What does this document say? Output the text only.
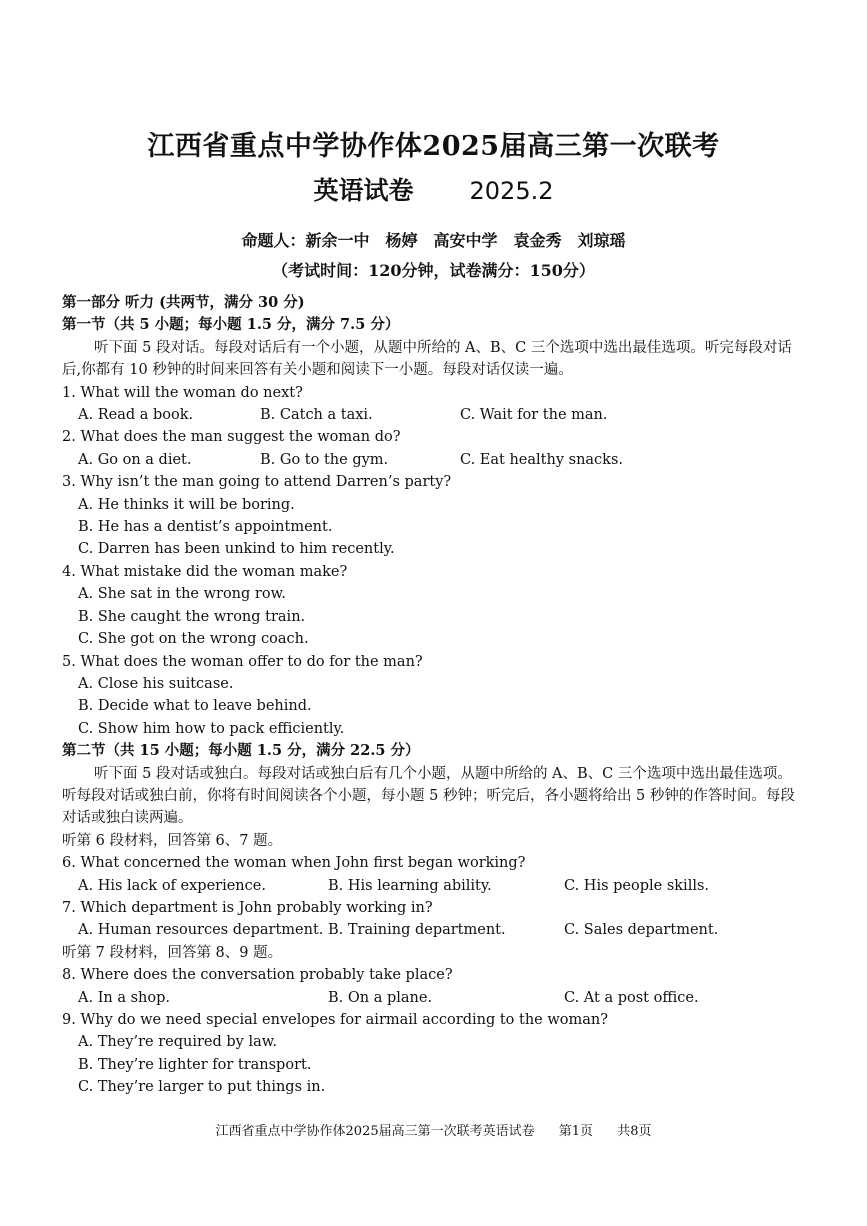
江西省重点中学协作体2025届高三第一次联考
英语试卷 2025.2
命题人：新余一中　杨婷　高安中学　袁金秀　刘琼瑶
（考试时间：120分钟，试卷满分：150分）
第一部分 听力 (共两节，满分 30 分)
第一节（共 5 小题；每小题 1.5 分，满分 7.5 分）
听下面 5 段对话。每段对话后有一个小题，从题中所给的 A、B、C 三个选项中选出最佳选项。听完每段对话后,你都有 10 秒钟的时间来回答有关小题和阅读下一小题。每段对话仅读一遍。
1. What will the woman do next?
A. Read a book.	B. Catch a taxi.	C. Wait for the man.
2. What does the man suggest the woman do?
A. Go on a diet.	B. Go to the gym.	C. Eat healthy snacks.
3. Why isn’t the man going to attend Darren’s party?
A. He thinks it will be boring.
B. He has a dentist’s appointment.
C. Darren has been unkind to him recently.
4. What mistake did the woman make?
A. She sat in the wrong row.
B. She caught the wrong train.
C. She got on the wrong coach.
5. What does the woman offer to do for the man?
A. Close his suitcase.
B. Decide what to leave behind.
C. Show him how to pack efficiently.
第二节（共 15 小题；每小题 1.5 分，满分 22.5 分）
听下面 5 段对话或独白。每段对话或独白后有几个小题，从题中所给的 A、B、C 三个选项中选出最佳选项。听每段对话或独白前，你将有时间阅读各个小题，每小题 5 秒钟；听完后，各小题将给出 5 秒钟的作答时间。每段对话或独白读两遍。
听第 6 段材料，回答第 6、7 题。
6. What concerned the woman when John first began working?
A. His lack of experience.	B. His learning ability.	C. His people skills.
7. Which department is John probably working in?
A. Human resources department. B. Training department.	C. Sales department.
听第 7 段材料，回答第 8、9 题。
8. Where does the conversation probably take place?
A. In a shop.	B. On a plane.	C. At a post office.
9. Why do we need special envelopes for airmail according to the woman?
A. They’re required by law.
B. They’re lighter for transport.
C. They’re larger to put things in.
江西省重点中学协作体2025届高三第一次联考英语试卷 第1页 共8页
